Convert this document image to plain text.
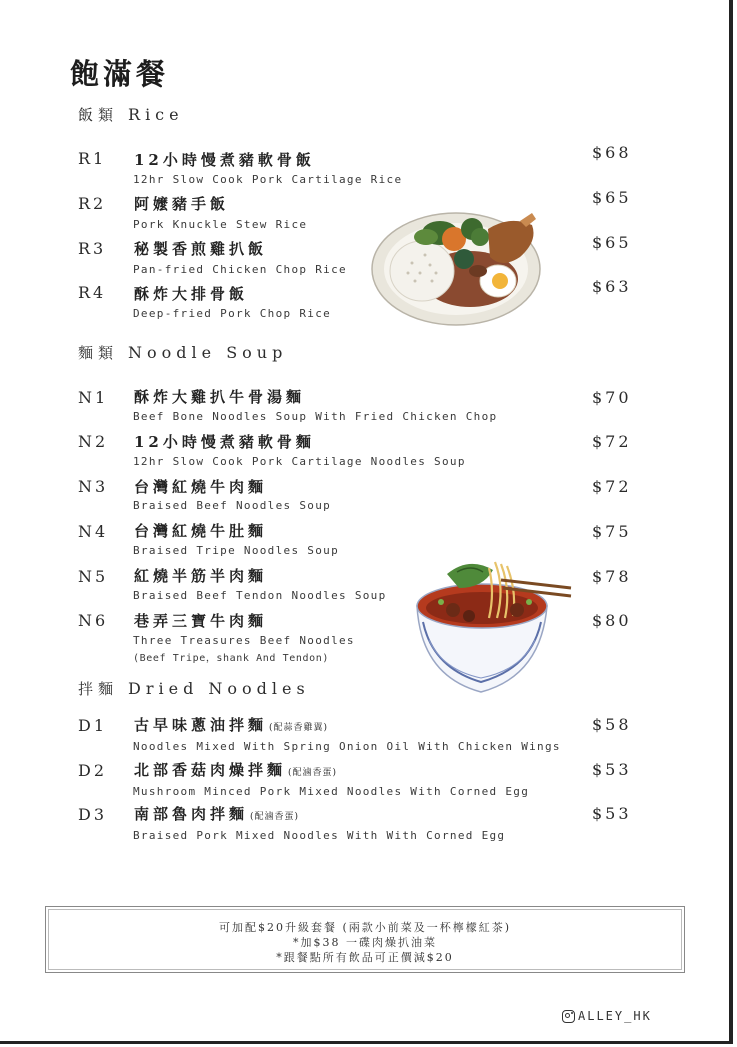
飽滿餐
飯類 Rice
R1 12小時慢煮豬軟骨飯
12hr Slow Cook Pork Cartilage Rice
$68
R2 阿嬤豬手飯
Pork Knuckle Stew Rice
$65
R3 秘製香煎雞扒飯
Pan-fried Chicken Chop Rice
$65
R4 酥炸大排骨飯
Deep-fried Pork Chop Rice
$63
麵類 Noodle Soup
N1 酥炸大雞扒牛骨湯麵
Beef Bone Noodles Soup With Fried Chicken Chop
$70
N2 12小時慢煮豬軟骨麵
12hr Slow Cook Pork Cartilage Noodles Soup
$72
N3 台灣紅燒牛肉麵
Braised Beef Noodles Soup
$72
N4 台灣紅燒牛肚麵
Braised Tripe Noodles Soup
$75
N5 紅燒半筋半肉麵
Braised Beef Tendon Noodles Soup
$78
N6 巷弄三寶牛肉麵
Three Treasures Beef Noodles
(Beef Tripe，shank And Tendon)
$80
拌麵 Dried Noodles
D1 古早味蔥油拌麵 (配蒜香雞翼)
Noodles Mixed With Spring Onion Oil With Chicken Wings
$58
D2 北部香菇肉燥拌麵 (配滷香蛋)
Mushroom Minced Pork Mixed Noodles With Corned Egg
$53
D3 南部魯肉拌麵 (配滷香蛋)
Braised Pork Mixed Noodles With With Corned Egg
$53
可加配$20升級套餐 (兩款小前菜及一杯檸檬紅茶)
*加$38 一碟肉燥扒油菜
*跟餐點所有飲品可正價減$20
ALLEY_HK
